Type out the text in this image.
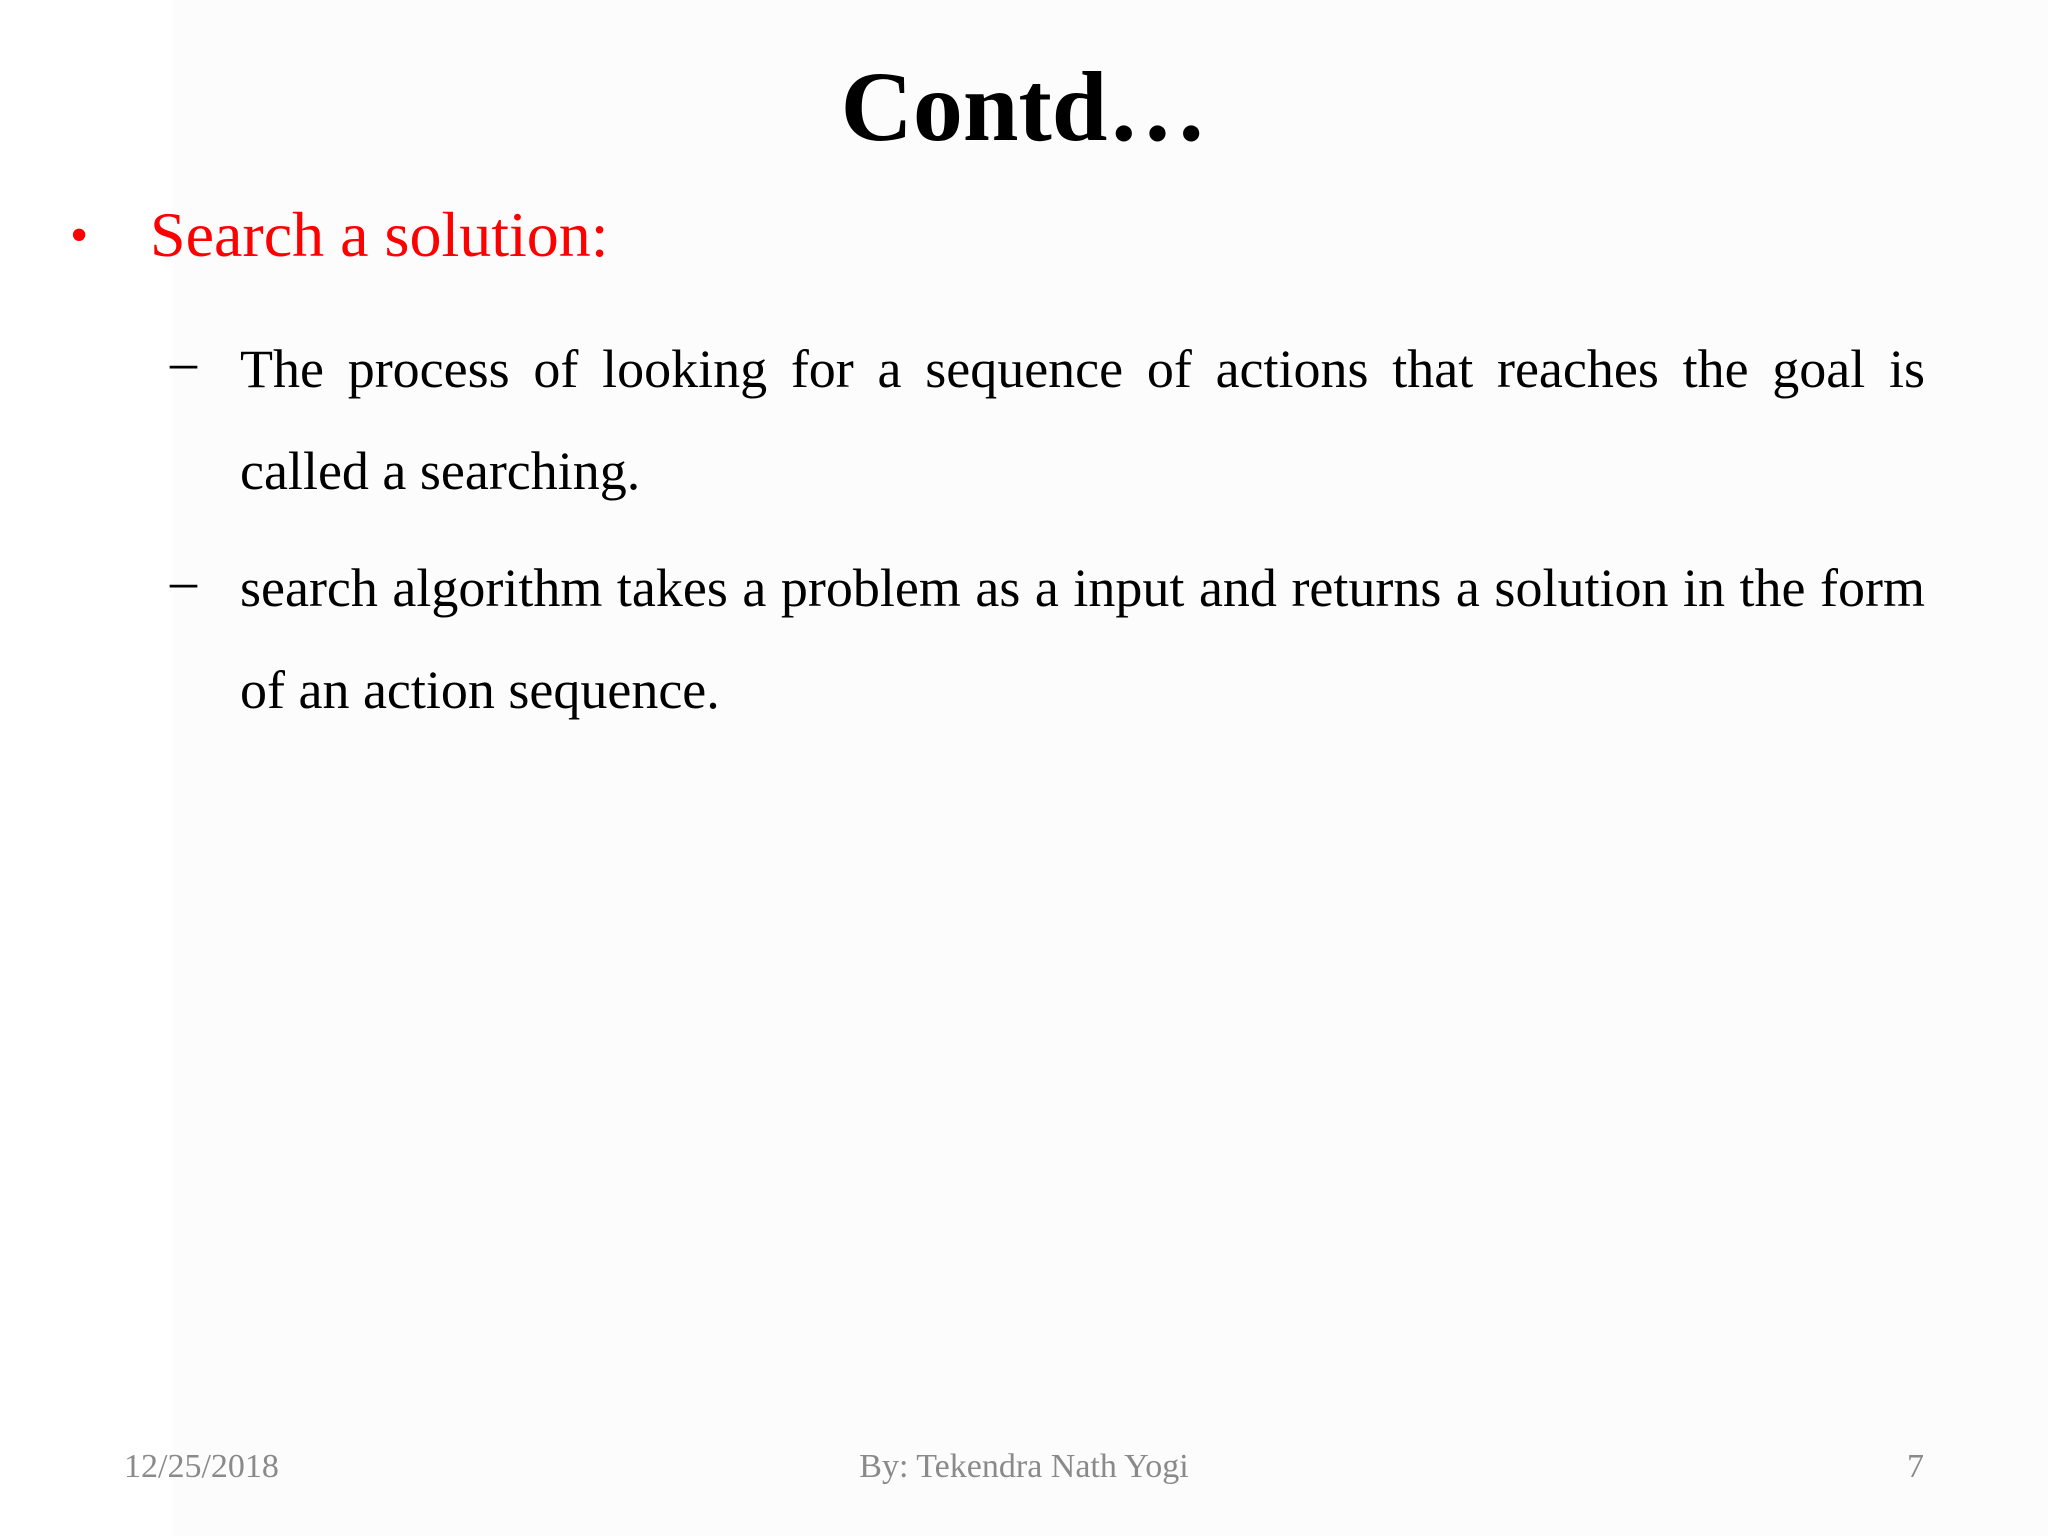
Contd…
• Search a solution:
– The process of looking for a sequence of actions that reaches the goal is called a searching.

– search algorithm takes a problem as a input and returns a solution in the form of an action sequence.

By: Tekendra Nath Yogi
12/25/2018	7
